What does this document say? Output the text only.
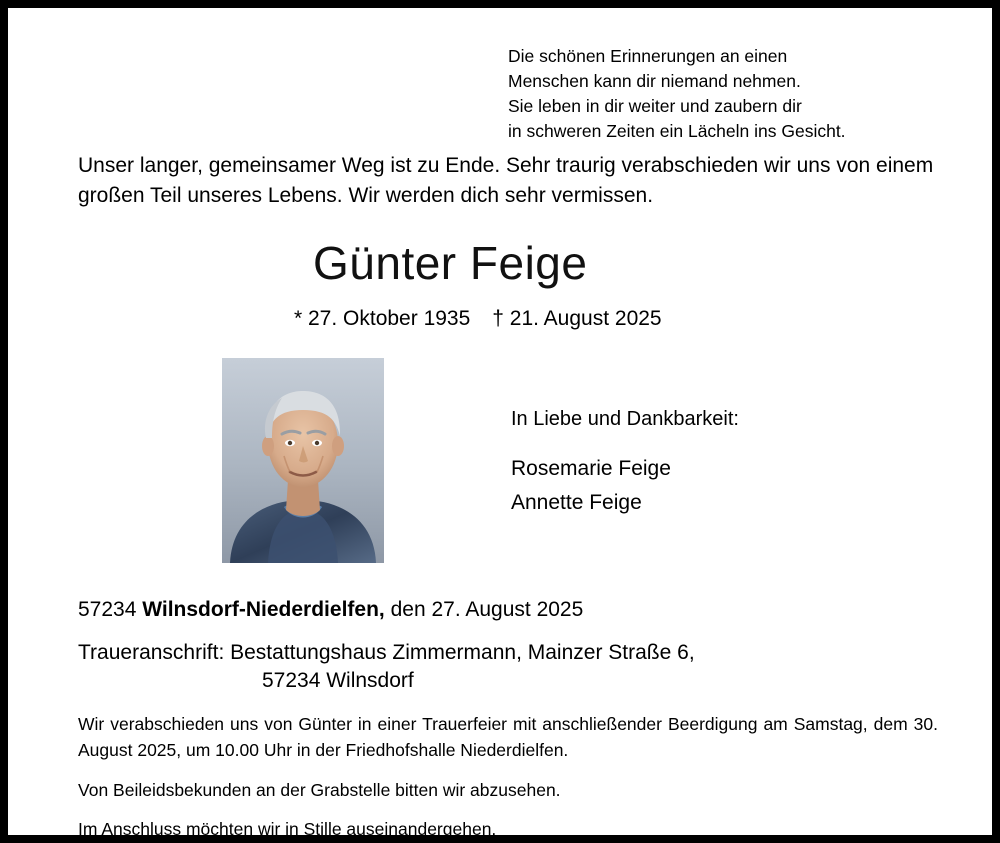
Die schönen Erinnerungen an einen
Menschen kann dir niemand nehmen.
Sie leben in dir weiter und zaubern dir
in schweren Zeiten ein Lächeln ins Gesicht.
Unser langer, gemeinsamer Weg ist zu Ende. Sehr traurig verabschieden wir uns von einem großen Teil unseres Lebens. Wir werden dich sehr vermissen.
Günter Feige
* 27. Oktober 1935 † 21. August 2025
In Liebe und Dankbarkeit:
Rosemarie Feige
Annette Feige
57234 Wilnsdorf-Niederdielfen, den 27. August 2025
Traueranschrift: Bestattungshaus Zimmermann, Mainzer Straße 6,
57234 Wilnsdorf

Wir verabschieden uns von Günter in einer Trauerfeier mit anschließender Beerdigung am Samstag, dem 30. August 2025, um 10.00 Uhr in der Friedhofshalle Niederdielfen.

Von Beileidsbekunden an der Grabstelle bitten wir abzusehen.

Im Anschluss möchten wir in Stille auseinandergehen.
